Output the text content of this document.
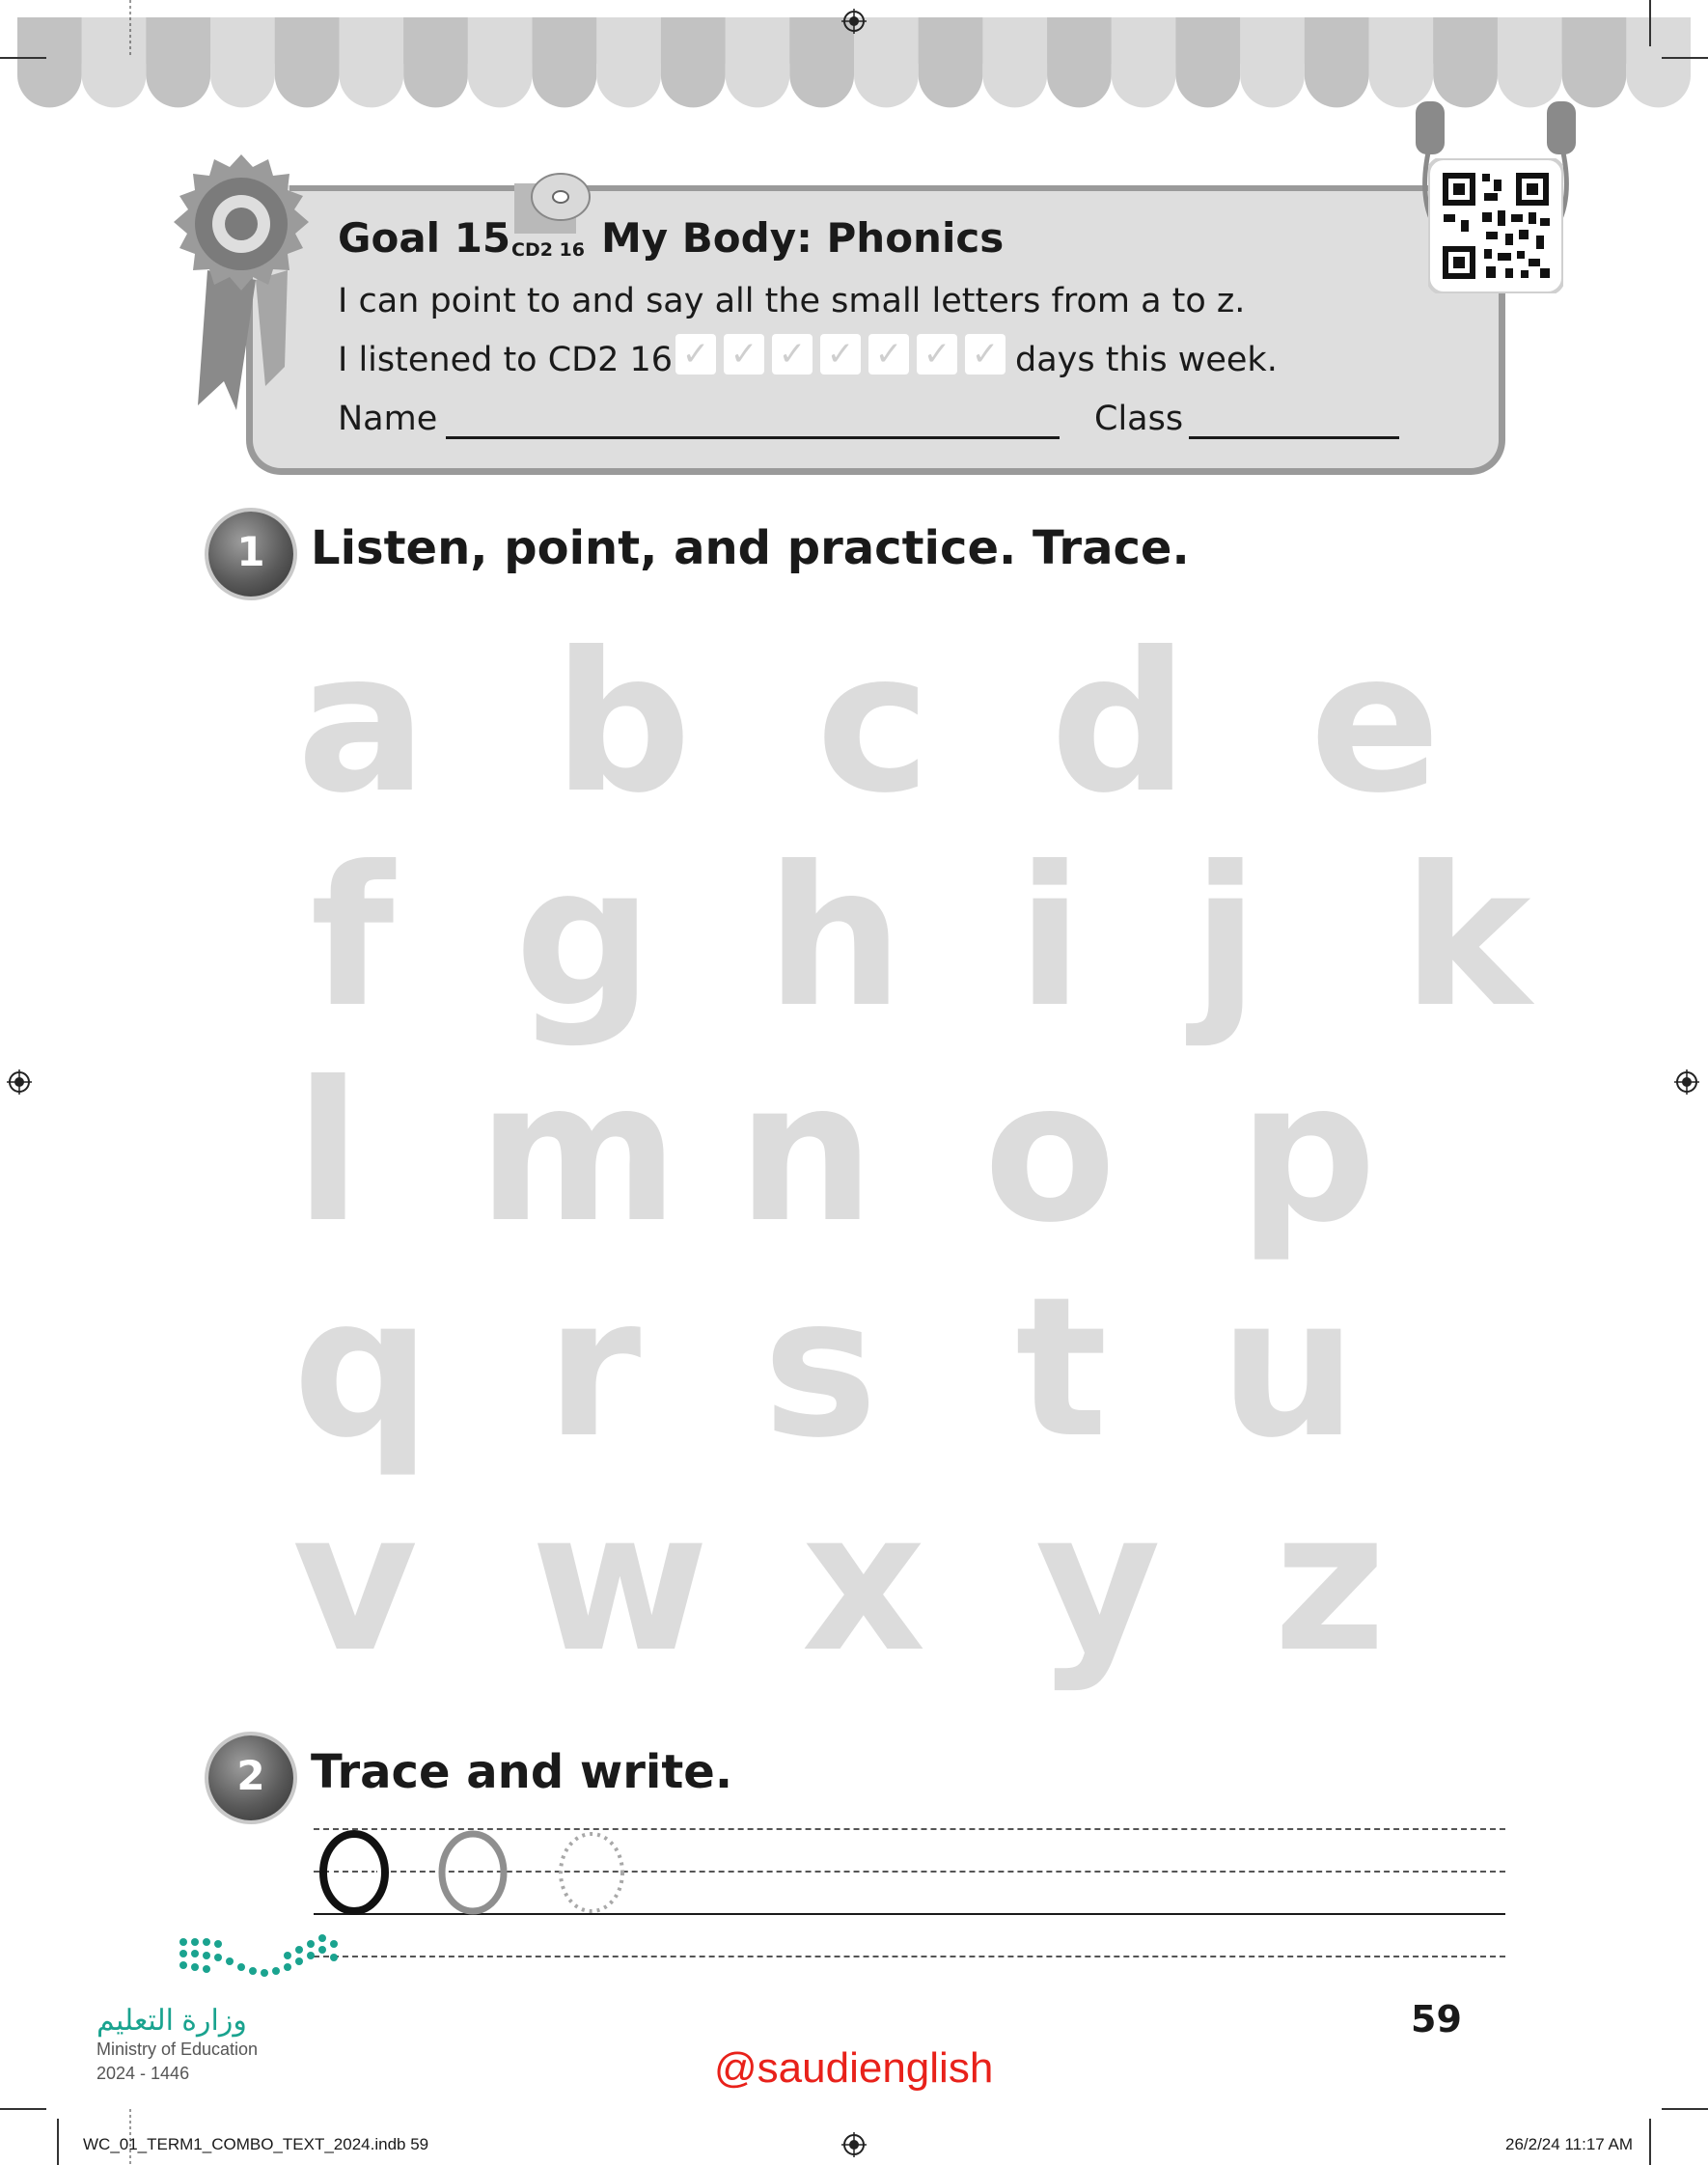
Goal 15 CD2 16 My Body: Phonics
I can point to and say all the small letters from a to z.
I listened to CD2 16 ✓ ✓ ✓ ✓ ✓ ✓ ✓ days this week.
Name	Class
1 Listen, point, and practice. Trace.
a b c d e
f g h i j k
l m n o p
q r s t u
v w x y z
2 Trace and write.
↺
وزارة التعليم
Ministry of Education
2024 - 1446
59
@saudienglish
WC_01_TERM1_COMBO_TEXT_2024.indb 59	26/2/24 11:17 AM
